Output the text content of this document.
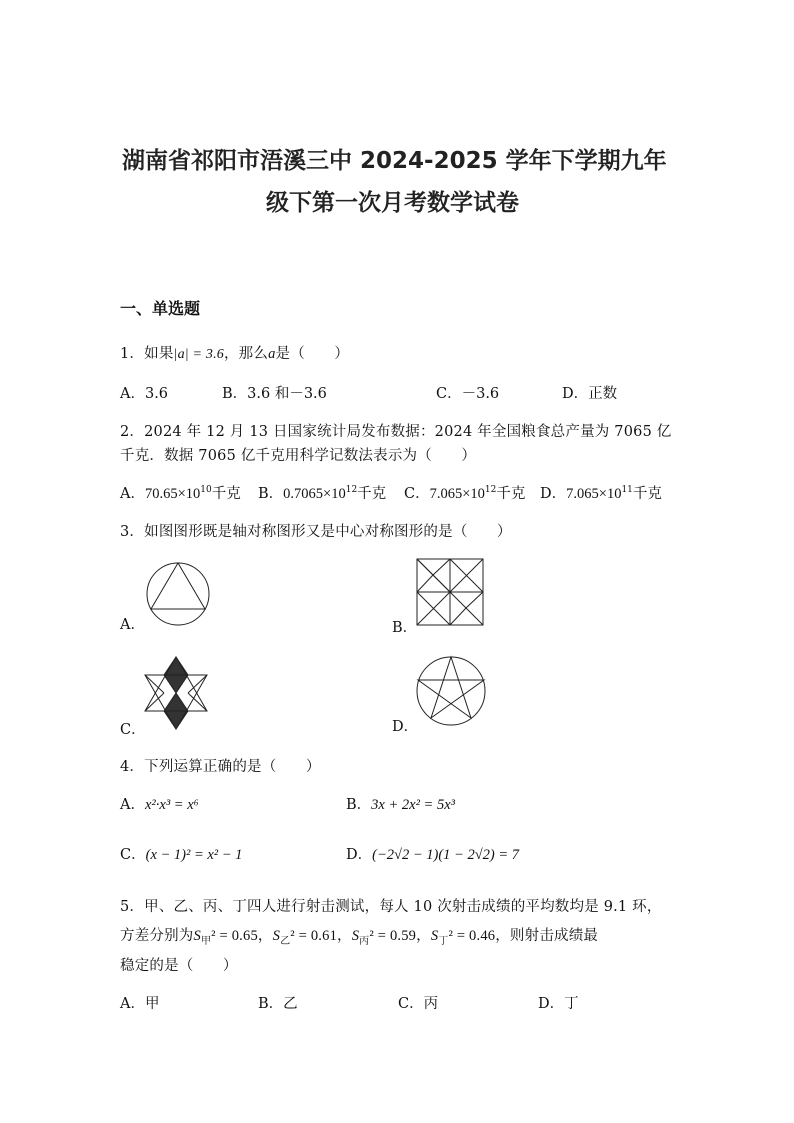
湖南省祁阳市浯溪三中 2024-2025 学年下学期九年
级下第一次月考数学试卷
一、单选题
1．如果|a| = 3.6，那么a是（　　）
A．3.6	B．3.6 和－3.6	C．－3.6	D．正数
2．2024 年 12 月 13 日国家统计局发布数据：2024 年全国粮食总产量为 7065 亿
千克．数据 7065 亿千克用科学记数法表示为（　　）
A．$70.65\times 10^{10}$千克 B．$0.7065\times 10^{12}$千克 C．$7.065\times 10^{12}$千克 D．$7.065\times 10^{11}$千克
3．如图图形既是轴对称图形又是中心对称图形的是（　　）
A．	B．
C．	D．
4．下列运算正确的是（　　）
A．x²·x³ = x⁶	B．3x + 2x² = 5x³
C．(x − 1)² = x² − 1	D．(−2√2 − 1)(1 − 2√2) = 7
5．甲、乙、丙、丁四人进行射击测试，每人 10 次射击成绩的平均数均是 9.1 环，
方差分别为$S_甲^2 = 0.65$，$S_乙^2 = 0.61$，$S_丙^2 = 0.59$，$S_丁^2 = 0.46$，则射击成绩最
稳定的是（　　）
A．甲	B．乙	C．丙	D．丁
